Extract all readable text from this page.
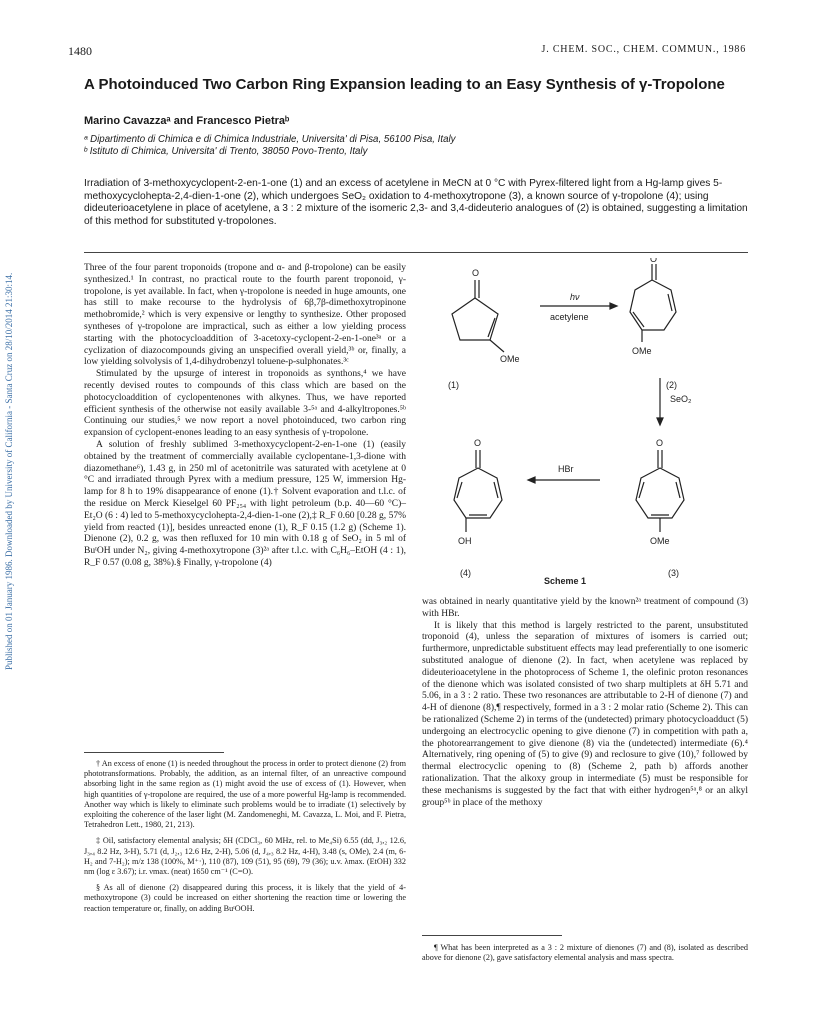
Published on 01 January 1986. Downloaded by University of California - Santa Cruz on 28/10/2014 21:30:14.
1480	J. CHEM. SOC., CHEM. COMMUN., 1986
A Photoinduced Two Carbon Ring Expansion leading to an Easy Synthesis of γ-Tropolone
Marino Cavazzaᵃ and Francesco Pietraᵇ
ᵃ Dipartimento di Chimica e di Chimica Industriale, Universita' di Pisa, 56100 Pisa, Italy
ᵇ Istituto di Chimica, Universita' di Trento, 38050 Povo-Trento, Italy
Irradiation of 3-methoxycyclopent-2-en-1-one (1) and an excess of acetylene in MeCN at 0 °C with Pyrex-filtered light from a Hg-lamp gives 5-methoxycyclohepta-2,4-dien-1-one (2), which undergoes SeO₂ oxidation to 4-methoxytropone (3), a known source of γ-tropolone (4); using dideuterioacetylene in place of acetylene, a 3 : 2 mixture of the isomeric 2,3- and 3,4-dideuterio analogues of (2) is obtained, suggesting a limitation of this method for substituted γ-tropolones.

Three of the four parent troponoids (tropone and α- and β-tropolone) can be easily synthesized.¹ In contrast, no practical route to the fourth parent troponoid, γ-tropolone, is yet available. In fact, when γ-tropolone is needed in huge amounts, one has still to make recourse to the hydrolysis of 6β,7β-dimethoxytropinone methobromide,² which is very expensive or lengthy to synthesize. Other proposed syntheses of γ-tropolone are impractical, such as either a low yielding process starting with the photocycloaddition of 3-acetoxy-cyclopent-2-en-1-one³ᵃ or a cyclization of diazocompounds giving an unspecified overall yield,³ᵇ or, finally, a low yielding solvolysis of 1,4-dihydrobenzyl toluene-p-sulphonates.³ᶜ

Stimulated by the upsurge of interest in troponoids as synthons,⁴ we have recently devised routes to compounds of this class which are based on the photocycloaddition of cyclopentenones with alkynes. Thus, we have reported efficient synthesis of the otherwise not easily available 3-⁵ᵃ and 4-alkyltropones.⁵ᵇ Continuing our studies,⁵ we now report a novel photoinduced, two carbon ring expansion of cyclopent-enones leading to an easy synthesis of γ-tropolone.

A solution of freshly sublimed 3-methoxycyclopent-2-en-1-one (1) (easily obtained by the treatment of commercially available cyclopentane-1,3-dione with diazomethane⁶), 1.43 g, in 250 ml of acetonitrile was saturated with acetylene at 0 °C and irradiated through Pyrex with a medium pressure, 125 W, immersion Hg-lamp for 8 h to 19% disappearance of enone (1).† Solvent evaporation and t.l.c. of the residue on Merck Kieselgel 60 PF₂₅₄ with light petroleum (b.p. 40—60 °C)–Et₂O (6 : 4) led to 5-methoxycyclohepta-2,4-dien-1-one (2),‡ R_F 0.60 [0.28 g, 57% yield from reacted (1)], besides unreacted enone (1), R_F 0.15 (1.2 g) (Scheme 1). Dienone (2), 0.2 g, was then refluxed for 10 min with 0.18 g of SeO₂ in 5 ml of BuᵗOH under N₂, giving 4-methoxytropone (3)²ᵃ after t.l.c. with C₆H₆–EtOH (4 : 1), R_F 0.57 (0.08 g, 38%).§ Finally, γ-tropolone (4)

† An excess of enone (1) is needed throughout the process in order to protect dienone (2) from phototransformations. Probably, the addition, as an internal filter, of an unreactive compound absorbing light in the same region as (1) might avoid the use of excess of (1). However, when high quantities of γ-tropolone are required, the use of a more powerful Hg-lamp is recommended. Another way which is likely to eliminate such problems would be to irradiate (1) selectively by exploiting the coherence of the laser light (M. Zandomeneghi, M. Cavazza, L. Moi, and F. Pietra, Tetrahedron Lett., 1980, 21, 213).

‡ Oil, satisfactory elemental analysis; δH (CDCl₃, 60 MHz, rel. to Me₄Si) 6.55 (dd, J₃,₂ 12.6, J₃,₄ 8.2 Hz, 3-H), 5.71 (d, J₂,₃ 12.6 Hz, 2-H), 5.06 (d, J₄,₃ 8.2 Hz, 4-H), 3.48 (s, OMe), 2.4 (m, 6-H₂ and 7-H₂); m/z 138 (100%, M⁺·), 110 (87), 109 (51), 95 (69), 79 (36); u.v. λmax. (EtOH) 332 nm (log ε 3.67); i.r. νmax. (neat) 1650 cm⁻¹ (C=O).

§ As all of dienone (2) disappeared during this process, it is likely that the yield of 4-methoxytropone (3) could be increased on either shortening the reaction time or lowering the reaction temperature or, finally, on adding BuᵗOOH.

O
OMe
(1)
hν
acetylene
O
OMe
(2)
SeO₂
O
OMe
(3)
HBr
O
OH
(4)
Scheme 1

was obtained in nearly quantitative yield by the known²ᵃ treatment of compound (3) with HBr.

It is likely that this method is largely restricted to the parent, unsubstituted troponoid (4), unless the separation of mixtures of isomers is carried out; furthermore, unpredictable substituent effects may lead preferentially to one isomeric substituted analogue of dienone (2). In fact, when acetylene was replaced by dideuterioacetylene in the photoprocess of Scheme 1, the olefinic proton resonances of the dienone which was isolated consisted of two sharp multiplets at δH 5.71 and 5.06, in a 3 : 2 ratio. These two resonances are attributable to 2-H of dienone (7) and 4-H of dienone (8),¶ respectively, formed in a 3 : 2 molar ratio (Scheme 2). This can be rationalized (Scheme 2) in terms of the (undetected) primary photocycloadduct (5) undergoing an electrocyclic opening to give dienone (7) in competition with path a, the photorearrangement to give dienone (8) via the (undetected) intermediate (6).⁴ Alternatively, ring opening of (5) to give (9) and reclosure to give (10),⁷ followed by thermal electrocyclic opening to (8) (Scheme 2, path b) affords another rationalization. That the alkoxy group in intermediate (5) must be responsible for these mechanisms is suggested by the fact that with either hydrogen⁵ᵃ,⁸ or an alkyl group⁵ᵇ in place of the methoxy

¶ What has been interpreted as a 3 : 2 mixture of dienones (7) and (8), isolated as described above for dienone (2), gave satisfactory elemental analysis and mass spectra.
